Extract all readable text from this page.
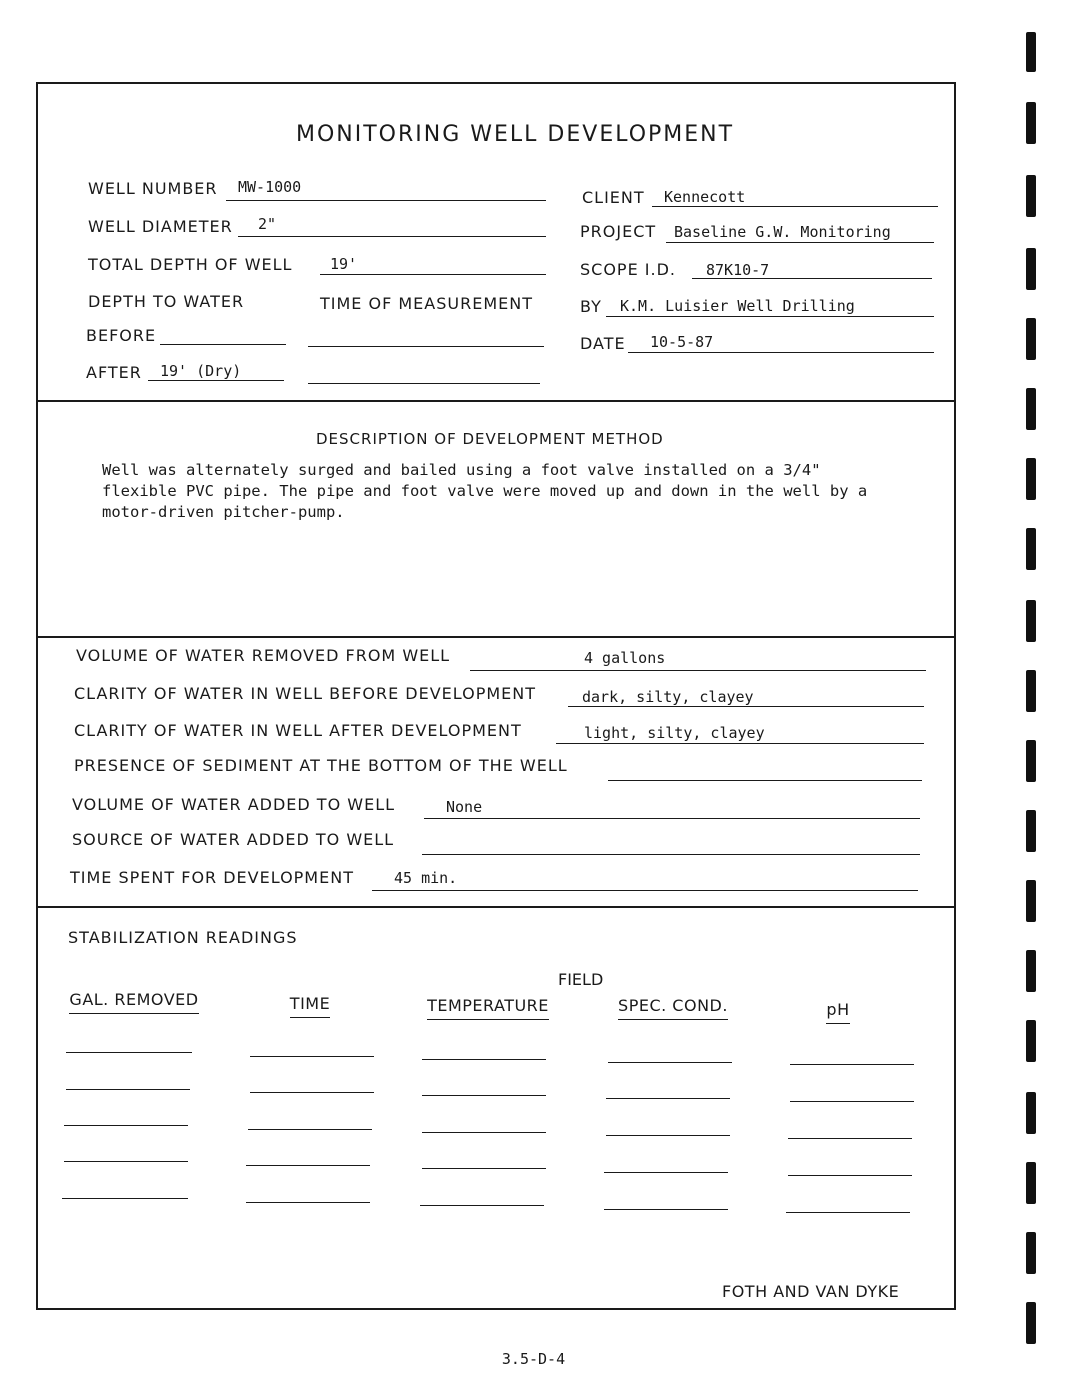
MONITORING WELL DEVELOPMENT
WELL NUMBER MW-1000
WELL DIAMETER 2"
TOTAL DEPTH OF WELL	19'
DEPTH TO WATER	TIME OF MEASUREMENT
BEFORE
AFTER 19' (Dry)
CLIENT Kennecott
PROJECT Baseline G.W. Monitoring
SCOPE I.D. 87K10-7
BY K.M. Luisier Well Drilling
DATE 10-5-87
DESCRIPTION OF DEVELOPMENT METHOD
Well was alternately surged and bailed using a foot valve installed on a 3/4" flexible PVC pipe. The pipe and foot valve were moved up and down in the well by a motor-driven pitcher-pump.
VOLUME OF WATER REMOVED FROM WELL	4 gallons
CLARITY OF WATER IN WELL BEFORE DEVELOPMENT	dark, silty, clayey
CLARITY OF WATER IN WELL AFTER DEVELOPMENT	light, silty, clayey
PRESENCE OF SEDIMENT AT THE BOTTOM OF THE WELL
VOLUME OF WATER ADDED TO WELL	None
SOURCE OF WATER ADDED TO WELL
TIME SPENT FOR DEVELOPMENT	45 min.
STABILIZATION READINGS
FIELD
GAL. REMOVED	TIME	TEMPERATURE	SPEC. COND.	pH
FOTH AND VAN DYKE
3.5-D-4
